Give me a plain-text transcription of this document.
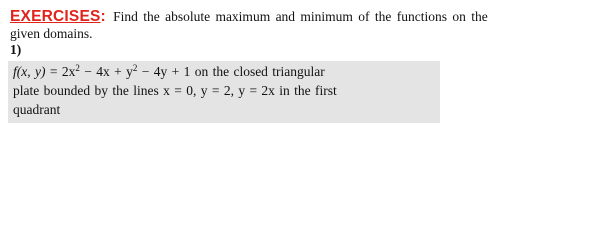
EXERCISES: Find the absolute maximum and minimum of the functions on the
given domains.
1)
f(x, $y) = 2x^2 - 4x + y^2 - 4y + 1$ on the closed triangular
plate bounded by the lines x = 0, y = 2, y = 2x in the first
quadrant
